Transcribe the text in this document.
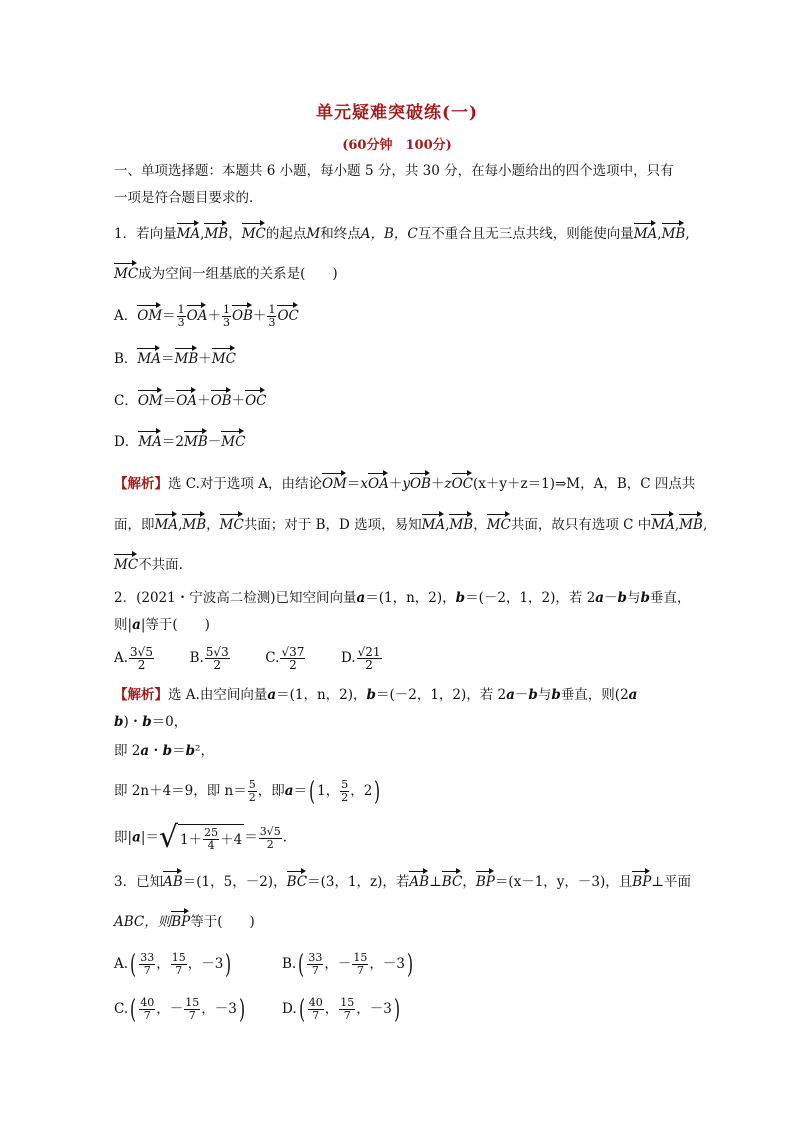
单元疑难突破练(一)
(60分钟　100分)
一、单项选择题：本题共 6 小题，每小题 5 分，共 30 分，在每小题给出的四个选项中，只有
一项是符合题目要求的.
1．若向量MA,MB，MC的起点M和终点A，B，C互不重合且无三点共线，则能使向量MA,MB,
MC成为空间一组基底的关系是(　　)
A．$OM= \frac{1}{3} OA+ \frac{1}{3} OB+ \frac{1}{3}$ OC
B．MA＝MB＋MC
C．OM＝OA＋OB＋OC
D．MA＝2MB－MC
【解析】选 C.对于选项 A，由结论OM＝xOA＋yOB＋zOC(x＋y＋z＝1)⇒M，A，B，C 四点共
面，即MA,MB，MC共面；对于 B，D 选项，易知MA,MB，MC共面，故只有选项 C 中MA,MB,
MC不共面.
2．(2021・宁波高二检测)已知空间向量a＝(1，n，2)，b＝(－2，1，2)，若 2a－b与b垂直，
则|a|等于(　　)
A. $\frac{3√5}{2}$	B. $\frac{5√3}{2}$	C. $\frac{√37}{2}$	D. $\frac{√21}{2}$
【解析】选 A.由空间向量a＝(1，n，2)，b＝(－2，1，2)，若 2a－b与b垂直，则(2a
b)・b＝0，
即 2a・b＝b²，
即 2n＋4＝9，即 $n= \frac{5}{2}$ ，即a＝( 1， $\frac{5}{2}$ ，2)
即|a|＝ √ $1+ \frac{25}{4} +4 = \frac{3√5}{2}$ .
3．已知AB＝(1，5，－2)，BC＝(3，1，z)，若AB⊥BC，BP＝(x－1，y，－3)，且BP⊥平面
ABC，则BP等于(　　)
$A.( \frac{33}{7}$ ， $\frac{15}{7}$ ，－3)	$B.( \frac{33}{7}$ ，－ $\frac{15}{7}$ ，－3)
$C.( \frac{40}{7}$ ，－ $\frac{15}{7}$ ，－3)	$D.( \frac{40}{7}$ ， $\frac{15}{7}$ ，－3)
